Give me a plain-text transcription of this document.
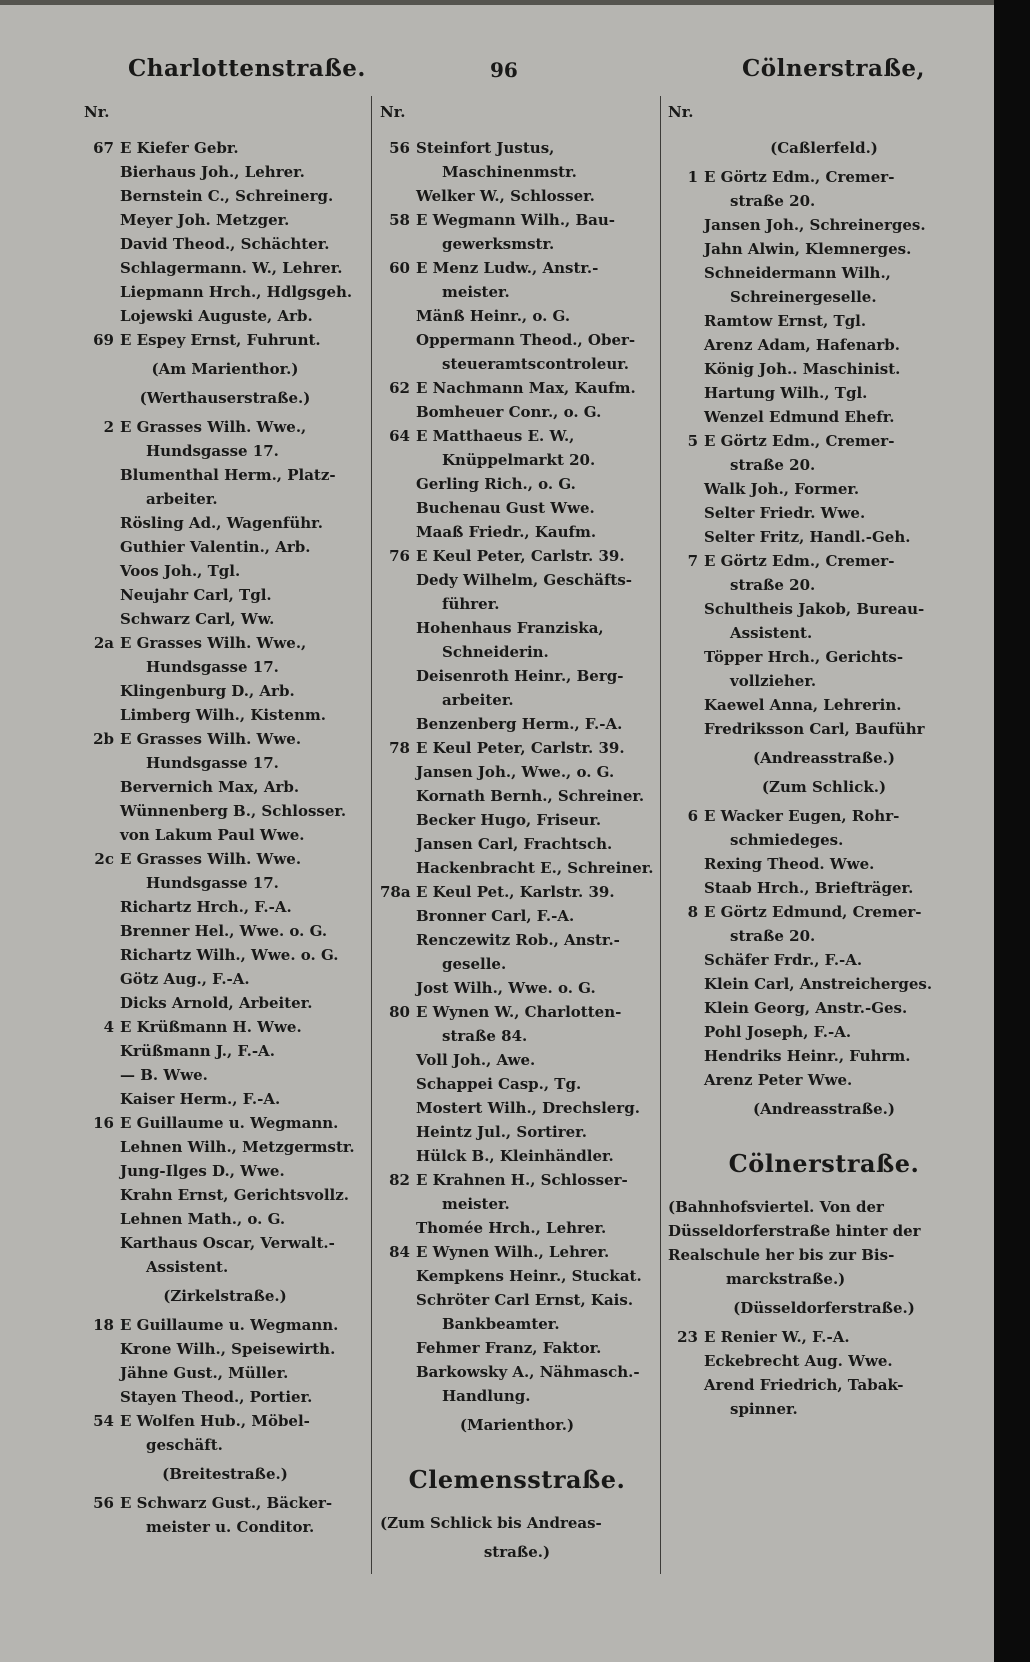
Charlottenstraße.	96	Cölnerstraße,
Nr.
67 E Kiefer Gebr.
Bierhaus Joh., Lehrer.
Bernstein C., Schreinerg.
Meyer Joh. Metzger.
David Theod., Schächter.
Schlagermann. W., Lehrer.
Liepmann Hrch., Hdlgsgeh.
Lojewski Auguste, Arb.
69 E Espey Ernst, Fuhrunt.
(Am Marienthor.)
(Werthauserstraße.)
2 E Grasses Wilh. Wwe.,
Hundsgasse 17.
Blumenthal Herm., Platz-
arbeiter.
Rösling Ad., Wagenführ.
Guthier Valentin., Arb.
Voos Joh., Tgl.
Neujahr Carl, Tgl.
Schwarz Carl, Ww.
2a E Grasses Wilh. Wwe.,
Hundsgasse 17.
Klingenburg D., Arb.
Limberg Wilh., Kistenm.
2b E Grasses Wilh. Wwe.
Hundsgasse 17.
Bervernich Max, Arb.
Wünnenberg B., Schlosser.
von Lakum Paul Wwe.
2c E Grasses Wilh. Wwe.
Hundsgasse 17.
Richartz Hrch., F.-A.
Brenner Hel., Wwe. o. G.
Richartz Wilh., Wwe. o. G.
Götz Aug., F.-A.
Dicks Arnold, Arbeiter.
4 E Krüßmann H. Wwe.
Krüßmann J., F.-A.
— B. Wwe.
Kaiser Herm., F.-A.
16 E Guillaume u. Wegmann.
Lehnen Wilh., Metzgermstr.
Jung-Ilges D., Wwe.
Krahn Ernst, Gerichtsvollz.
Lehnen Math., o. G.
Karthaus Oscar, Verwalt.-
Assistent.
(Zirkelstraße.)
18 E Guillaume u. Wegmann.
Krone Wilh., Speisewirth.
Jähne Gust., Müller.
Stayen Theod., Portier.
54 E Wolfen Hub., Möbel-
geschäft.
(Breitestraße.)
56 E Schwarz Gust., Bäcker-
meister u. Conditor.
Nr.
56 Steinfort Justus,
Maschinenmstr.
Welker W., Schlosser.
58 E Wegmann Wilh., Bau-
gewerksmstr.
60 E Menz Ludw., Anstr.-
meister.
Mänß Heinr., o. G.
Oppermann Theod., Ober-
steueramtscontroleur.
62 E Nachmann Max, Kaufm.
Bomheuer Conr., o. G.
64 E Matthaeus E. W.,
Knüppelmarkt 20.
Gerling Rich., o. G.
Buchenau Gust Wwe.
Maaß Friedr., Kaufm.
76 E Keul Peter, Carlstr. 39.
Dedy Wilhelm, Geschäfts-
führer.
Hohenhaus Franziska,
Schneiderin.
Deisenroth Heinr., Berg-
arbeiter.
Benzenberg Herm., F.-A.
78 E Keul Peter, Carlstr. 39.
Jansen Joh., Wwe., o. G.
Kornath Bernh., Schreiner.
Becker Hugo, Friseur.
Jansen Carl, Frachtsch.
Hackenbracht E., Schreiner.
78a E Keul Pet., Karlstr. 39.
Bronner Carl, F.-A.
Renczewitz Rob., Anstr.-
geselle.
Jost Wilh., Wwe. o. G.
80 E Wynen W., Charlotten-
straße 84.
Voll Joh., Awe.
Schappei Casp., Tg.
Mostert Wilh., Drechslerg.
Heintz Jul., Sortirer.
Hülck B., Kleinhändler.
82 E Krahnen H., Schlosser-
meister.
Thomée Hrch., Lehrer.
84 E Wynen Wilh., Lehrer.
Kempkens Heinr., Stuckat.
Schröter Carl Ernst, Kais.
Bankbeamter.
Fehmer Franz, Faktor.
Barkowsky A., Nähmasch.-
Handlung.
(Marienthor.)
Clemensstraße.
(Zum Schlick bis Andreas-
straße.)
Nr.
(Caßlerfeld.)
1 E Görtz Edm., Cremer-
straße 20.
Jansen Joh., Schreinerges.
Jahn Alwin, Klemnerges.
Schneidermann Wilh.,
Schreinergeselle.
Ramtow Ernst, Tgl.
Arenz Adam, Hafenarb.
König Joh.. Maschinist.
Hartung Wilh., Tgl.
Wenzel Edmund Ehefr.
5 E Görtz Edm., Cremer-
straße 20.
Walk Joh., Former.
Selter Friedr. Wwe.
Selter Fritz, Handl.-Geh.
7 E Görtz Edm., Cremer-
straße 20.
Schultheis Jakob, Bureau-
Assistent.
Töpper Hrch., Gerichts-
vollzieher.
Kaewel Anna, Lehrerin.
Fredriksson Carl, Bauführ
(Andreasstraße.)
(Zum Schlick.)
6 E Wacker Eugen, Rohr-
schmiedeges.
Rexing Theod. Wwe.
Staab Hrch., Briefträger.
8 E Görtz Edmund, Cremer-
straße 20.
Schäfer Frdr., F.-A.
Klein Carl, Anstreicherges.
Klein Georg, Anstr.-Ges.
Pohl Joseph, F.-A.
Hendriks Heinr., Fuhrm.
Arenz Peter Wwe.
(Andreasstraße.)
Cölnerstraße.
(Bahnhofsviertel. Von der
Düsseldorferstraße hinter der
Realschule her bis zur Bis-
marckstraße.)
(Düsseldorferstraße.)
23 E Renier W., F.-A.
Eckebrecht Aug. Wwe.
Arend Friedrich, Tabak-
spinner.
